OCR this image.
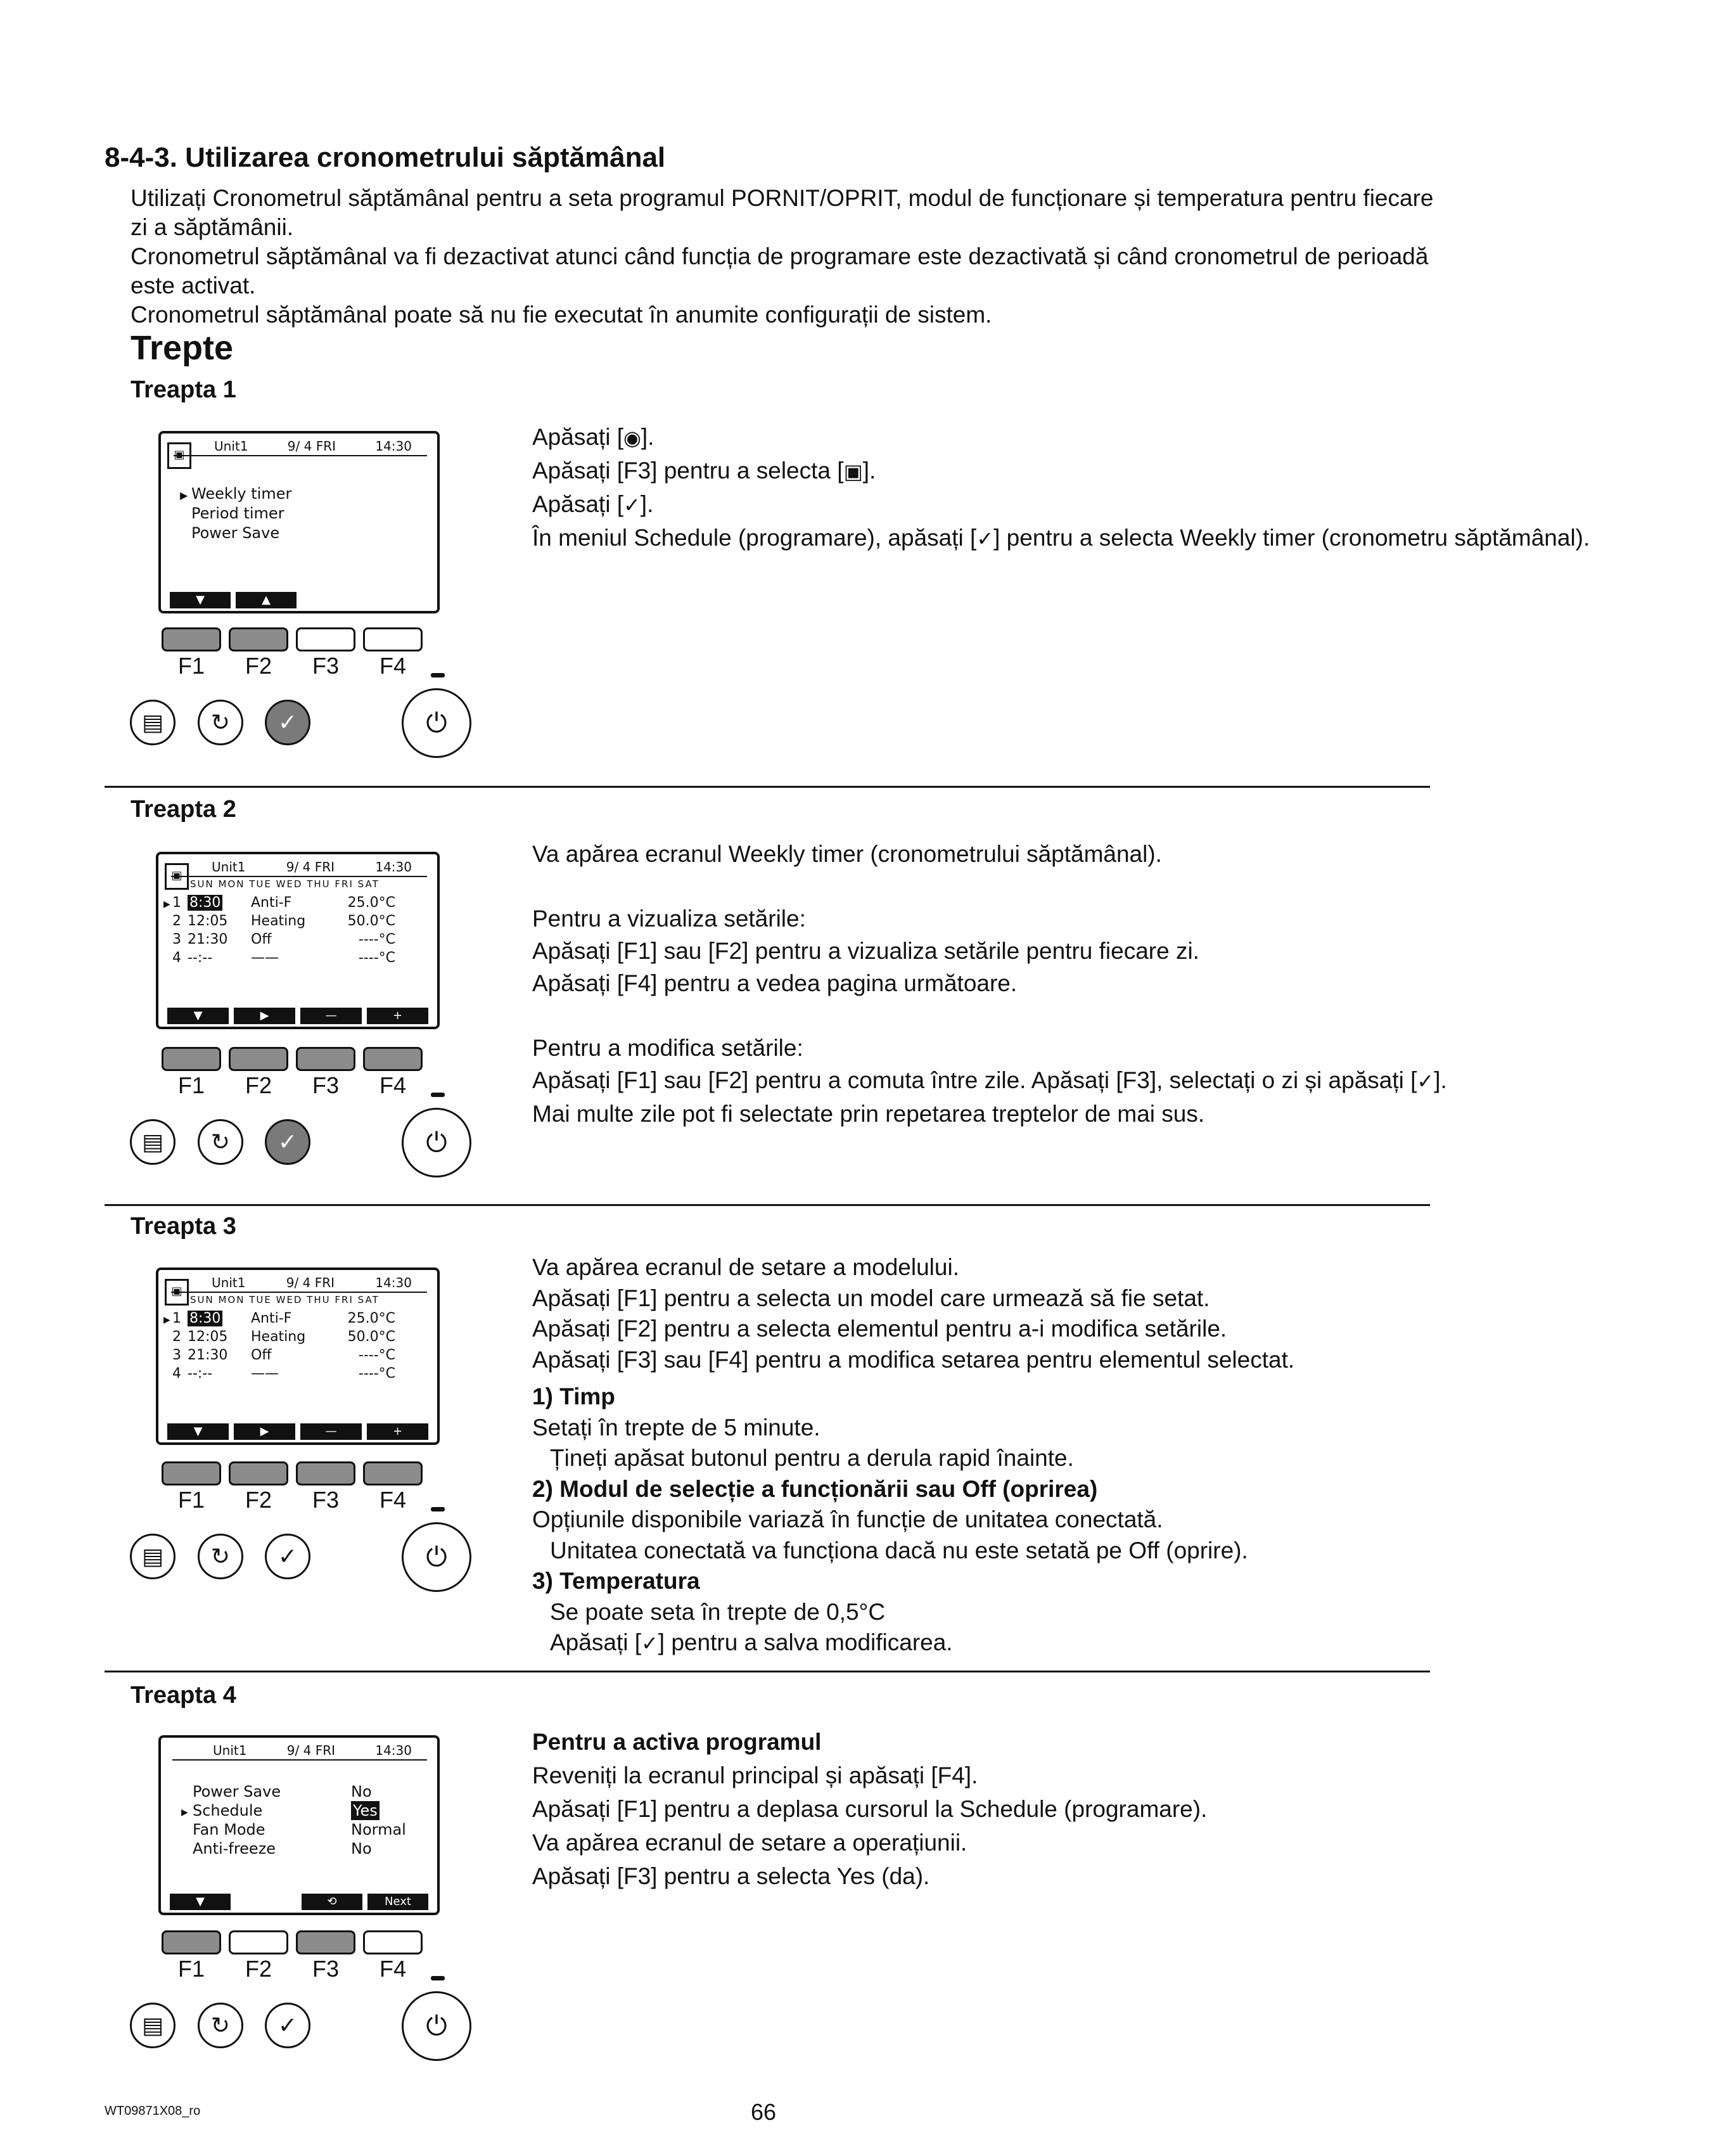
8-4-3. Utilizarea cronometrului săptămânal

Utilizați Cronometrul săptămânal pentru a seta programul PORNIT/OPRIT, modul de funcționare și temperatura pentru fiecare zi a săptămânii.

Cronometrul săptămânal va fi dezactivat atunci când funcția de programare este dezactivată și când cronometrul de perioadă este activat.

Cronometrul săptămânal poate să nu fie executat în anumite configurații de sistem.

Trepte
Treapta 1
▣
Unit1	9/ 4 FRI	14:30
▶ Weekly timer
Period timer
Power Save
▼	▲
F1	F2	F3	F4
▤ ↻ ✓	⏻

Apăsați [◉].

Apăsați [F3] pentru a selecta [▣].

Apăsați [✓].

În meniul Schedule (programare), apăsați [✓] pentru a selecta Weekly timer (cronometru săptămânal).

Treapta 2
▣
Unit1	9/ 4 FRI	14:30
SUN MON TUE WED THU FRI SAT
▶ 1 8:30	Anti-F	25.0°C
2 12:05	Heating	50.0°C
3 21:30	Off	----°C
4 --:--	——	----°C
▼	▶	—	+
F1	F2	F3	F4
▤ ↻ ✓	⏻

Va apărea ecranul Weekly timer (cronometrului săptămânal).

Pentru a vizualiza setările:

Apăsați [F1] sau [F2] pentru a vizualiza setările pentru fiecare zi.

Apăsați [F4] pentru a vedea pagina următoare.

Pentru a modifica setările:

Apăsați [F1] sau [F2] pentru a comuta între zile. Apăsați [F3], selectați o zi și apăsați [✓].

Mai multe zile pot fi selectate prin repetarea treptelor de mai sus.

Treapta 3
▣
Unit1	9/ 4 FRI	14:30
SUN MON TUE WED THU FRI SAT
▶ 1 8:30	Anti-F	25.0°C
2 12:05	Heating	50.0°C
3 21:30	Off	----°C
4 --:--	——	----°C
▼	▶	—	+
F1	F2	F3	F4
▤ ↻ ✓	⏻

Va apărea ecranul de setare a modelului.

Apăsați [F1] pentru a selecta un model care urmează să fie setat.

Apăsați [F2] pentru a selecta elementul pentru a-i modifica setările.

Apăsați [F3] sau [F4] pentru a modifica setarea pentru elementul selectat.

1) Timp

Setați în trepte de 5 minute.

Țineți apăsat butonul pentru a derula rapid înainte.

2) Modul de selecție a funcționării sau Off (oprirea)

Opțiunile disponibile variază în funcție de unitatea conectată.

Unitatea conectată va funcționa dacă nu este setată pe Off (oprire).

3) Temperatura

Se poate seta în trepte de 0,5°C

Apăsați [✓] pentru a salva modificarea.

Treapta 4
Unit1	9/ 4 FRI	14:30
Power Save	No
▶ Schedule	Yes
Fan Mode	Normal
Anti-freeze	No
▼	⟲	Next
F1	F2	F3	F4
▤ ↻ ✓	⏻

Pentru a activa programul

Reveniți la ecranul principal și apăsați [F4].

Apăsați [F1] pentru a deplasa cursorul la Schedule (programare).

Va apărea ecranul de setare a operațiunii.

Apăsați [F3] pentru a selecta Yes (da).

WT09871X08_ro	66
